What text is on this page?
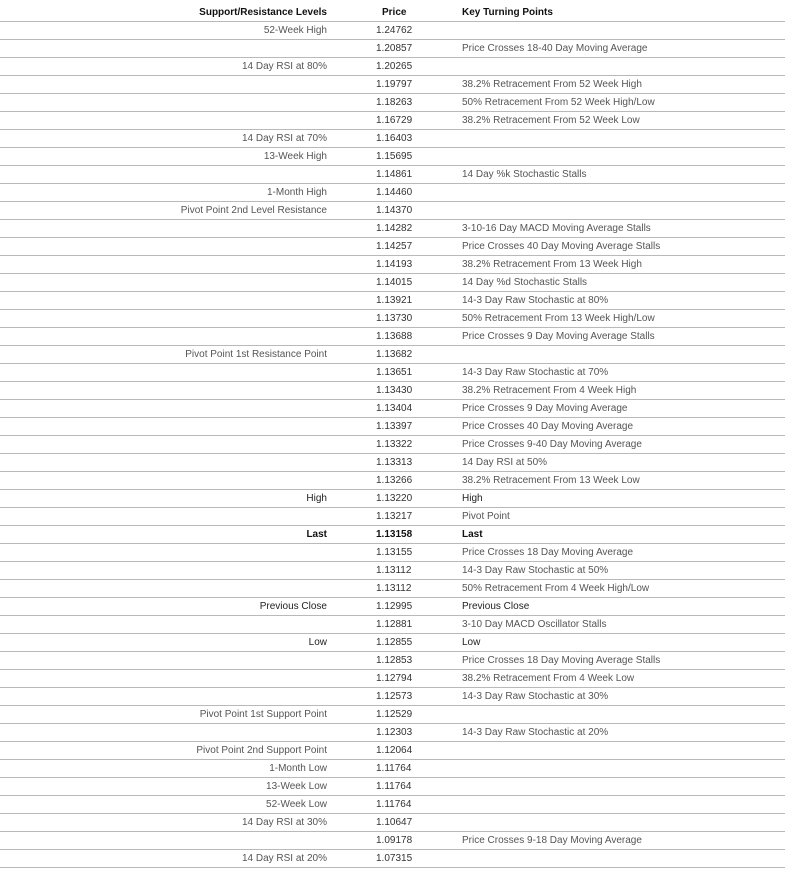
Support/Resistance Levels	Price	Key Turning Points
52-Week High	1.24762	
	1.20857	Price Crosses 18-40 Day Moving Average
14 Day RSI at 80%	1.20265	
	1.19797	38.2% Retracement From 52 Week High
	1.18263	50% Retracement From 52 Week High/Low
	1.16729	38.2% Retracement From 52 Week Low
14 Day RSI at 70%	1.16403	
13-Week High	1.15695	
	1.14861	14 Day %k Stochastic Stalls
1-Month High	1.14460	
Pivot Point 2nd Level Resistance	1.14370	
	1.14282	3-10-16 Day MACD Moving Average Stalls
	1.14257	Price Crosses 40 Day Moving Average Stalls
	1.14193	38.2% Retracement From 13 Week High
	1.14015	14 Day %d Stochastic Stalls
	1.13921	14-3 Day Raw Stochastic at 80%
	1.13730	50% Retracement From 13 Week High/Low
	1.13688	Price Crosses 9 Day Moving Average Stalls
Pivot Point 1st Resistance Point	1.13682	
	1.13651	14-3 Day Raw Stochastic at 70%
	1.13430	38.2% Retracement From 4 Week High
	1.13404	Price Crosses 9 Day Moving Average
	1.13397	Price Crosses 40 Day Moving Average
	1.13322	Price Crosses 9-40 Day Moving Average
	1.13313	14 Day RSI at 50%
	1.13266	38.2% Retracement From 13 Week Low
High	1.13220	High
	1.13217	Pivot Point
Last	1.13158	Last
	1.13155	Price Crosses 18 Day Moving Average
	1.13112	14-3 Day Raw Stochastic at 50%
	1.13112	50% Retracement From 4 Week High/Low
Previous Close	1.12995	Previous Close
	1.12881	3-10 Day MACD Oscillator Stalls
Low	1.12855	Low
	1.12853	Price Crosses 18 Day Moving Average Stalls
	1.12794	38.2% Retracement From 4 Week Low
	1.12573	14-3 Day Raw Stochastic at 30%
Pivot Point 1st Support Point	1.12529	
	1.12303	14-3 Day Raw Stochastic at 20%
Pivot Point 2nd Support Point	1.12064	
1-Month Low	1.11764	
13-Week Low	1.11764	
52-Week Low	1.11764	
14 Day RSI at 30%	1.10647	
	1.09178	Price Crosses 9-18 Day Moving Average
14 Day RSI at 20%	1.07315	
